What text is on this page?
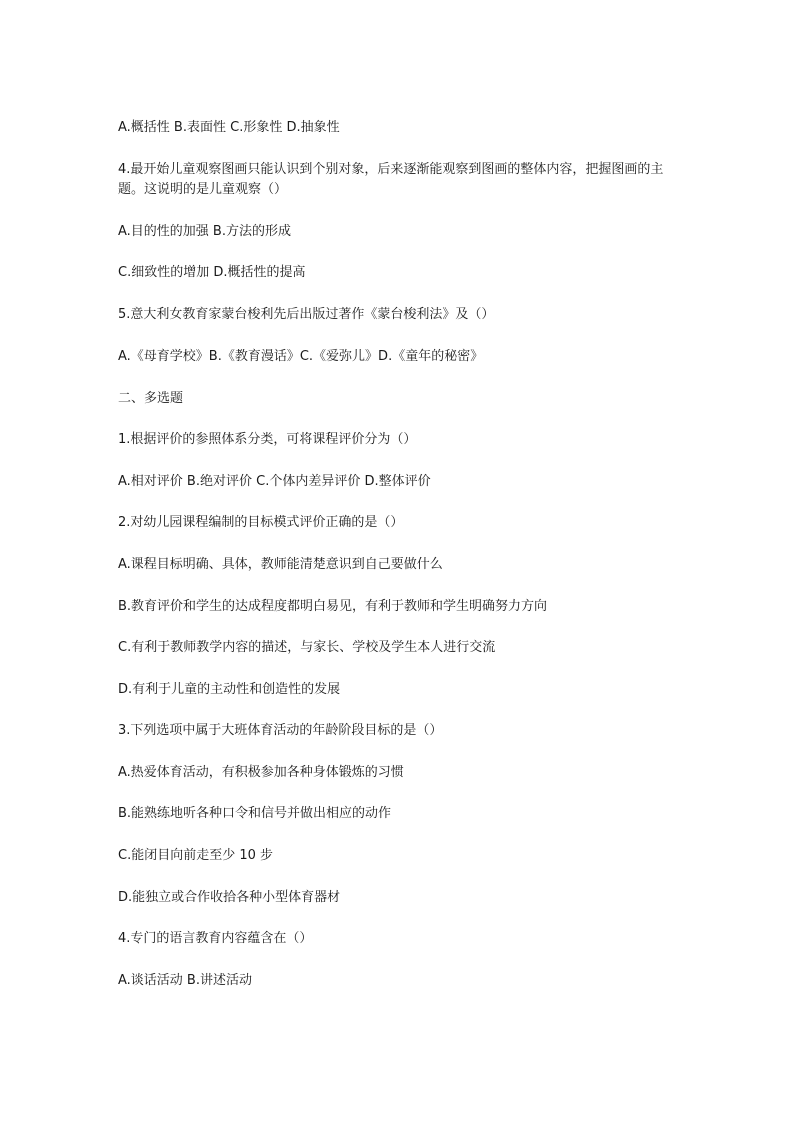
A.概括性 B.表面性 C.形象性 D.抽象性
4.最开始儿童观察图画只能认识到个别对象，后来逐渐能观察到图画的整体内容，把握图画的主题。这说明的是儿童观察（）
A.目的性的加强 B.方法的形成
C.细致性的增加 D.概括性的提高
5.意大利女教育家蒙台梭利先后出版过著作《蒙台梭利法》及（）
A.《母育学校》B.《教育漫话》C.《爱弥儿》D.《童年的秘密》
二、多选题
1.根据评价的参照体系分类，可将课程评价分为（）
A.相对评价 B.绝对评价 C.个体内差异评价 D.整体评价
2.对幼儿园课程编制的目标模式评价正确的是（）
A.课程目标明确、具体，教师能清楚意识到自己要做什么
B.教育评价和学生的达成程度都明白易见，有利于教师和学生明确努力方向
C.有利于教师教学内容的描述，与家长、学校及学生本人进行交流
D.有利于儿童的主动性和创造性的发展
3.下列选项中属于大班体育活动的年龄阶段目标的是（）
A.热爱体育活动，有积极参加各种身体锻炼的习惯
B.能熟练地听各种口令和信号并做出相应的动作
C.能闭目向前走至少 10 步
D.能独立或合作收拾各种小型体育器材
4.专门的语言教育内容蕴含在（）
A.谈话活动 B.讲述活动
